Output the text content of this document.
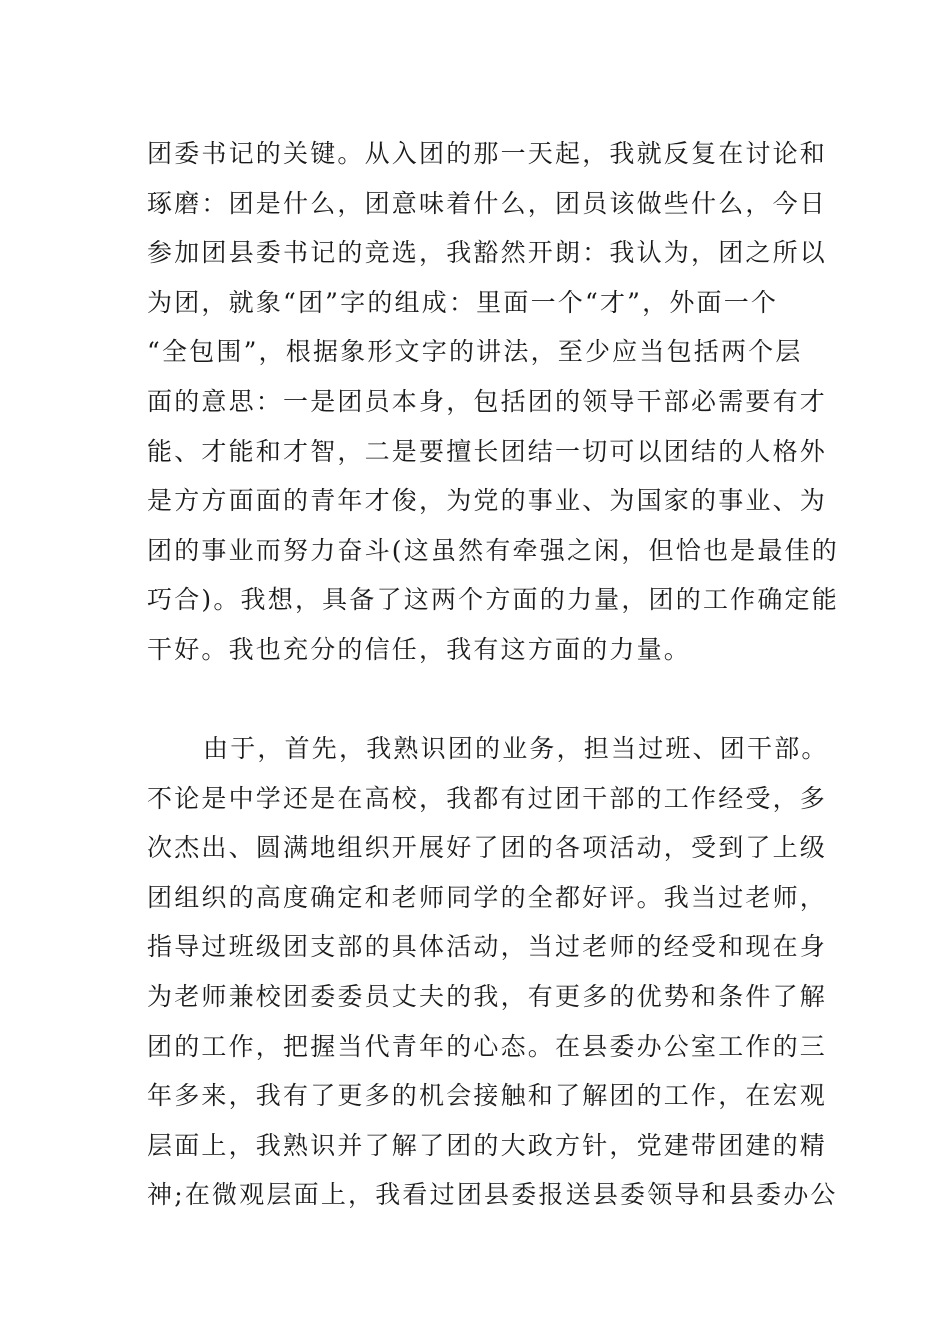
团委书记的关键。从入团的那一天起，我就反复在讨论和
琢磨：团是什么，团意味着什么，团员该做些什么，今日
参加团县委书记的竞选，我豁然开朗：我认为，团之所以
为团，就象“团”字的组成：里面一个“才”，外面一个
“全包围”，根据象形文字的讲法，至少应当包括两个层
面的意思：一是团员本身，包括团的领导干部必需要有才
能、才能和才智，二是要擅长团结一切可以团结的人格外
是方方面面的青年才俊，为党的事业、为国家的事业、为
团的事业而努力奋斗(这虽然有牵强之闲，但恰也是最佳的
巧合)。我想，具备了这两个方面的力量，团的工作确定能
干好。我也充分的信任，我有这方面的力量。
由于，首先，我熟识团的业务，担当过班、团干部。
不论是中学还是在高校，我都有过团干部的工作经受，多
次杰出、圆满地组织开展好了团的各项活动，受到了上级
团组织的高度确定和老师同学的全都好评。我当过老师，
指导过班级团支部的具体活动，当过老师的经受和现在身
为老师兼校团委委员丈夫的我，有更多的优势和条件了解
团的工作，把握当代青年的心态。在县委办公室工作的三
年多来，我有了更多的机会接触和了解团的工作，在宏观
层面上，我熟识并了解了团的大政方针，党建带团建的精
神;在微观层面上，我看过团县委报送县委领导和县委办公
